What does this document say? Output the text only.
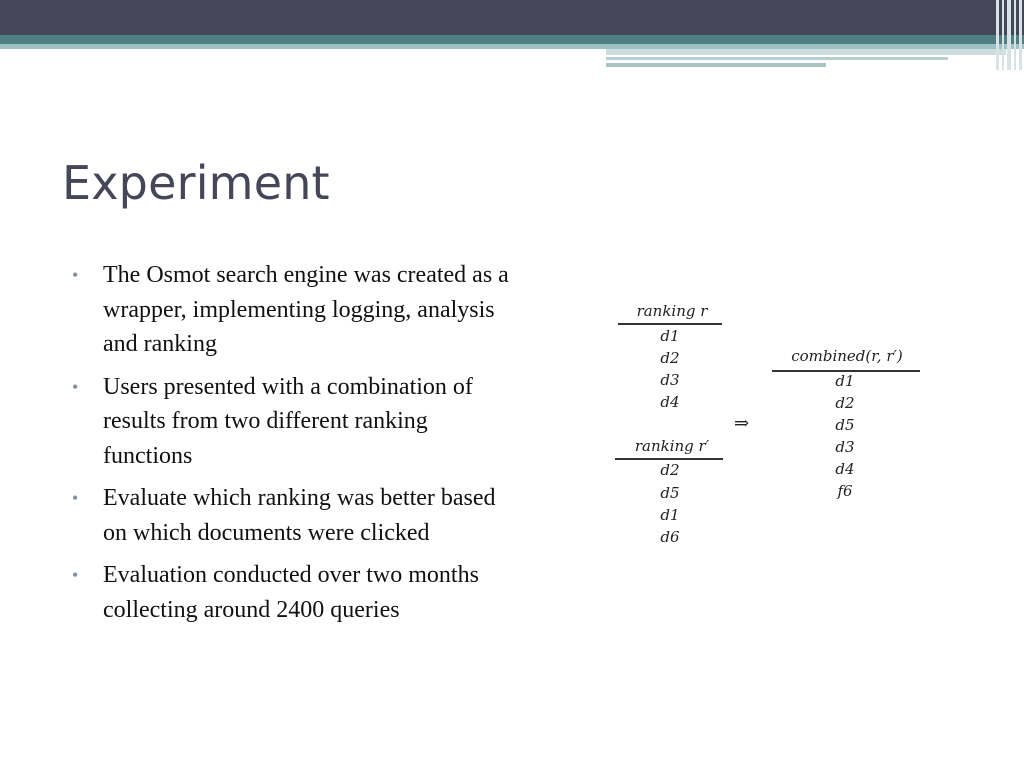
Experiment
• The Osmot search engine was created as a wrapper, implementing logging, analysis and ranking
• Users presented with a combination of results from two different ranking functions
• Evaluate which ranking was better based on which documents were clicked
• Evaluation conducted over two months collecting around 2400 queries
ranking r
d1
d2
d3
d4
ranking r′
d2
d5
d1
d6
⇒
combined(r, r′)
d1
d2
d5
d3
d4
f6
